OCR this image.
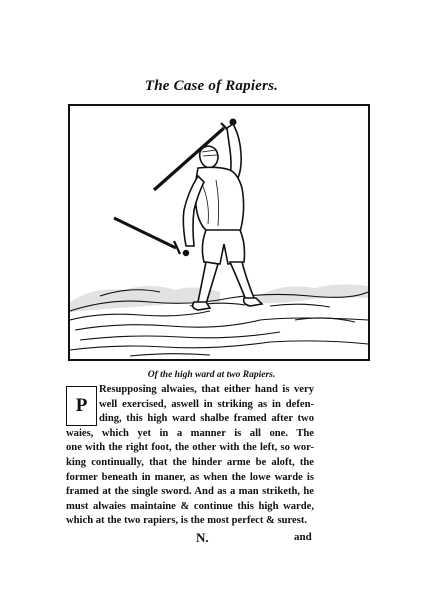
The Case of Rapiers.
Of the high ward at two Rapiers.
P
Resupposing alwaies, that either hand is very
well exercised, aswell in striking as in defen-
ding, this high ward shalbe framed after two
waies, which yet in a manner is all one. The
one with the right foot, the other with the left, so wor-
king continually, that the hinder arme be aloft, the
former beneath in maner, as when the lowe warde is
framed at the single sword. And as a man striketh, he
must alwaies maintaine & continue this high warde,
which at the two rapiers, is the most perfect & surest.
N.	and
